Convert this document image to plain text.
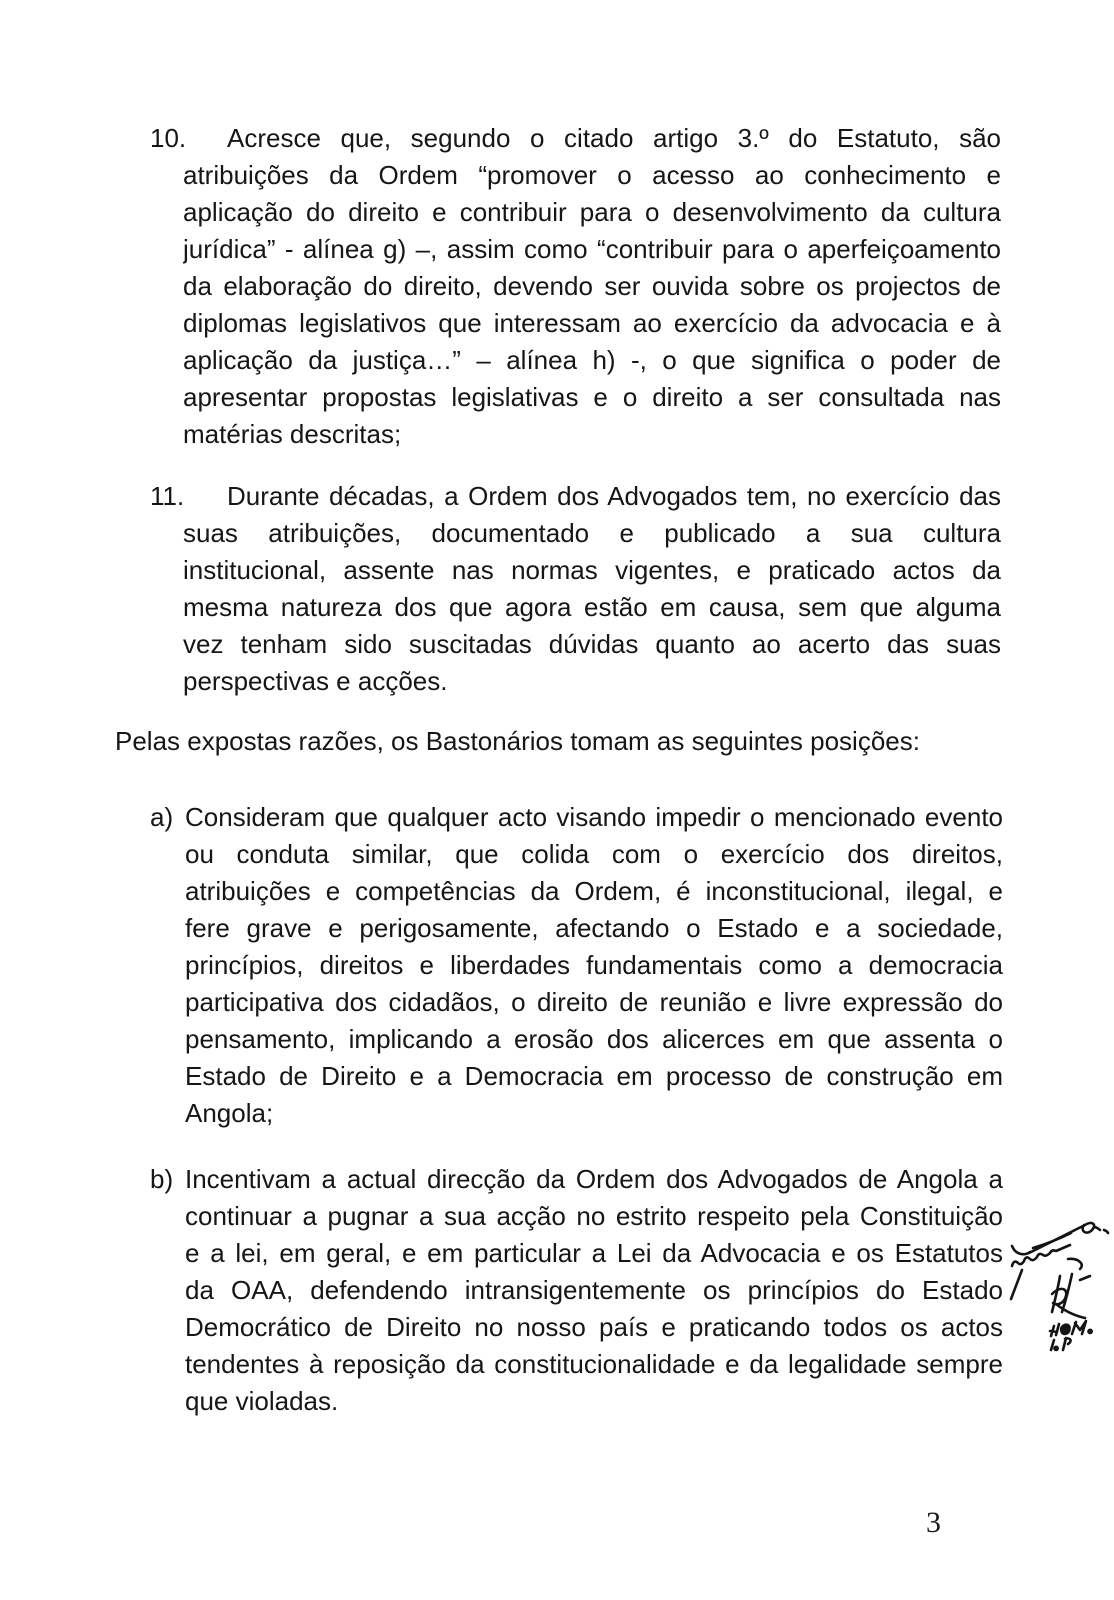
10.	Acresce que, segundo o citado artigo 3.º do Estatuto, são
atribuições da Ordem “promover o acesso ao conhecimento e
aplicação do direito e contribuir para o desenvolvimento da cultura
jurídica” - alínea g) –, assim como “contribuir para o aperfeiçoamento
da elaboração do direito, devendo ser ouvida sobre os projectos de
diplomas legislativos que interessam ao exercício da advocacia e à
aplicação da justiça…” – alínea h) -, o que significa o poder de
apresentar propostas legislativas e o direito a ser consultada nas
matérias descritas;
11.	Durante décadas, a Ordem dos Advogados tem, no exercício das
suas atribuições, documentado e publicado a sua cultura
institucional, assente nas normas vigentes, e praticado actos da
mesma natureza dos que agora estão em causa, sem que alguma
vez tenham sido suscitadas dúvidas quanto ao acerto das suas
perspectivas e acções.
Pelas expostas razões, os Bastonários tomam as seguintes posições:
a) Consideram que qualquer acto visando impedir o mencionado evento
ou conduta similar, que colida com o exercício dos direitos,
atribuições e competências da Ordem, é inconstitucional, ilegal, e
fere grave e perigosamente, afectando o Estado e a sociedade,
princípios, direitos e liberdades fundamentais como a democracia
participativa dos cidadãos, o direito de reunião e livre expressão do
pensamento, implicando a erosão dos alicerces em que assenta o
Estado de Direito e a Democracia em processo de construção em
Angola;
b) Incentivam a actual direcção da Ordem dos Advogados de Angola a
continuar a pugnar a sua acção no estrito respeito pela Constituição
e a lei, em geral, e em particular a Lei da Advocacia e os Estatutos
da OAA, defendendo intransigentemente os princípios do Estado
Democrático de Direito no nosso país e praticando todos os actos
tendentes à reposição da constitucionalidade e da legalidade sempre
que violadas.
3
